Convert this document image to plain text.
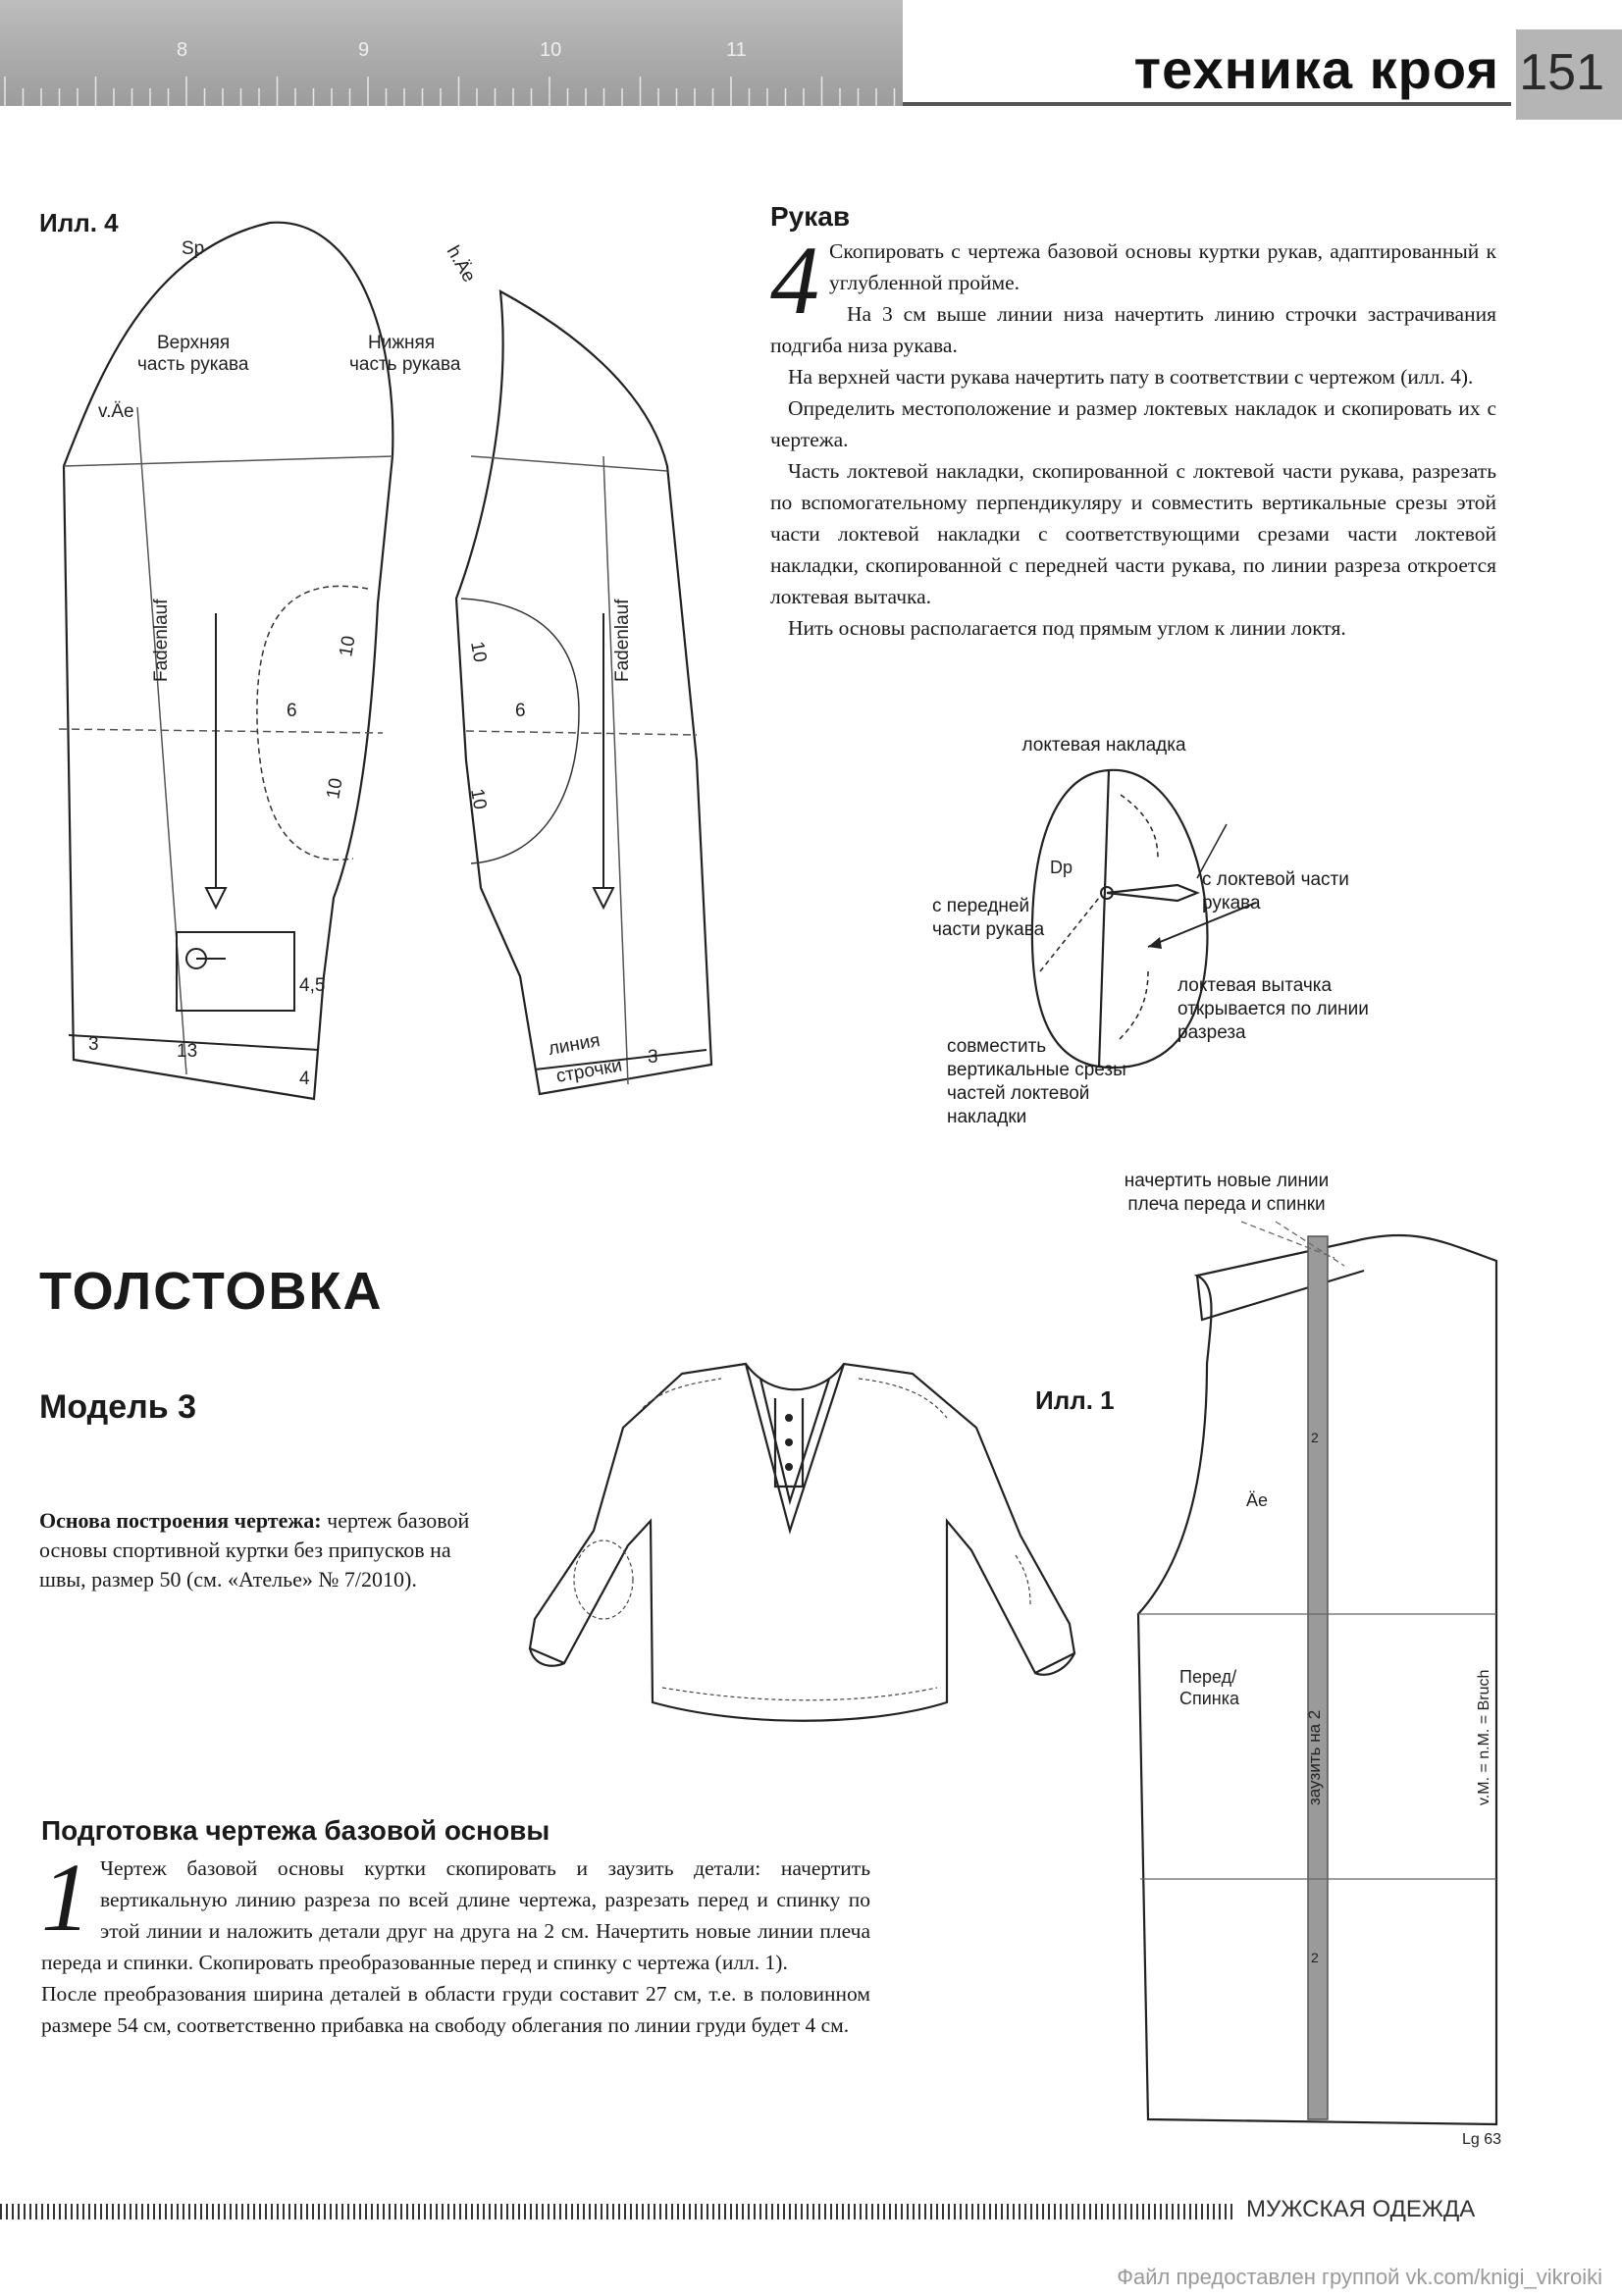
8	9	10	11	техника кроя 151
Илл. 4
Sp
v.Äe
h.Äe
Верхняя часть рукава
Нижняя часть рукава
Fadenlauf	Fadenlauf
6	6
10
10
10
10
13
3
4
4,5
линия
строчки 3
Рукав
4 Скопировать с чертежа базовой основы куртки рукав, адаптированный к углубленной пройме.

На 3 см выше линии низа начертить линию строчки застрачивания подгиба низа рукава.

На верхней части рукава начертить пату в соответствии с чертежом (илл. 4).

Определить местоположение и размер локтевых накладок и скопировать их с чертежа.

Часть локтевой накладки, скопированной с локтевой части рукава, разрезать по вспомогательному перпендикуляру и совместить вертикальные срезы этой части локтевой накладки с соответствующими срезами части локтевой накладки, скопированной с передней части рукава, по линии разреза откроется локтевая вытачка.

Нить основы располагается под прямым углом к линии локтя.

локтевая накладка
Dp
с локтевой части рукава
с передней части рукава
локтевая вытачка открывается по линии разреза
совместить вертикальные срезы частей локтевой накладки
ТОЛСТОВКА
Модель 3
Основа построения чертежа: чертеж базовой основы спортивной куртки без припусков на швы, размер 50 (см. «Ателье» № 7/2010).
Илл. 1
начертить новые линии плеча переда и спинки
Äe
Перед/ Спинка
заузить на 2	v.M. = n.M. = Bruch
2
2
Lg 63
Подготовка чертежа базовой основы
1 Чертеж базовой основы куртки скопировать и заузить детали: начертить вертикальную линию разреза по всей длине чертежа, разрезать перед и спинку по этой линии и наложить детали друг на друга на 2 см. Начертить новые линии плеча переда и спинки. Скопировать преобразованные перед и спинку с чертежа (илл. 1).

После преобразования ширина деталей в области груди составит 27 см, т.е. в половинном размере 54 см, соответственно прибавка на свободу облегания по линии груди будет 4 см.

МУЖСКАЯ ОДЕЖДА
Файл предоставлен группой vk.com/knigi_vikroiki
